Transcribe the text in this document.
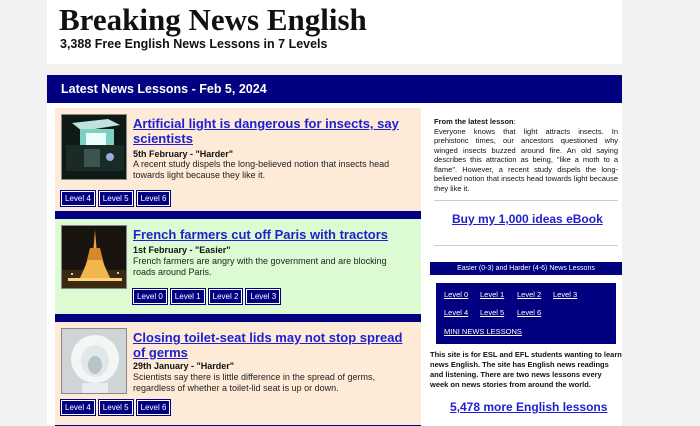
Breaking News English
3,388 Free English News Lessons in 7 Levels
Latest News Lessons - Feb 5, 2024
Artificial light is dangerous for insects, say scientists
5th February - "Harder"
A recent study dispels the long-believed notion that insects head towards light because they like it.
Level 4	Level 5	Level 6
French farmers cut off Paris with tractors
1st February - "Easier"
French farmers are angry with the government and are blocking roads around Paris.
Level 0	Level 1	Level 2	Level 3
Closing toilet-seat lids may not stop spread of germs
29th January - "Harder"
Scientists say there is little difference in the spread of germs, regardless of whether a toilet-lid seat is up or down.
Level 4	Level 5	Level 6
From the latest lesson:
Everyone knows that light attracts insects. In prehistoric times, our ancestors questioned why winged insects buzzed around fire. An old saying describes this attraction as being, "like a moth to a flame". However, a recent study dispels the long-believed notion that insects head towards light because they like it.
Buy my 1,000 ideas eBook
Easier (0-3) and Harder (4-6) News Lessons
Level 0 Level 1 Level 2 Level 3
Level 4 Level 5 Level 6
MINI NEWS LESSONS
This site is for ESL and EFL students wanting to learn news English. The site has English news readings and listening. There are two news lessons every week on news stories from around the world.
5,478 more English lessons
